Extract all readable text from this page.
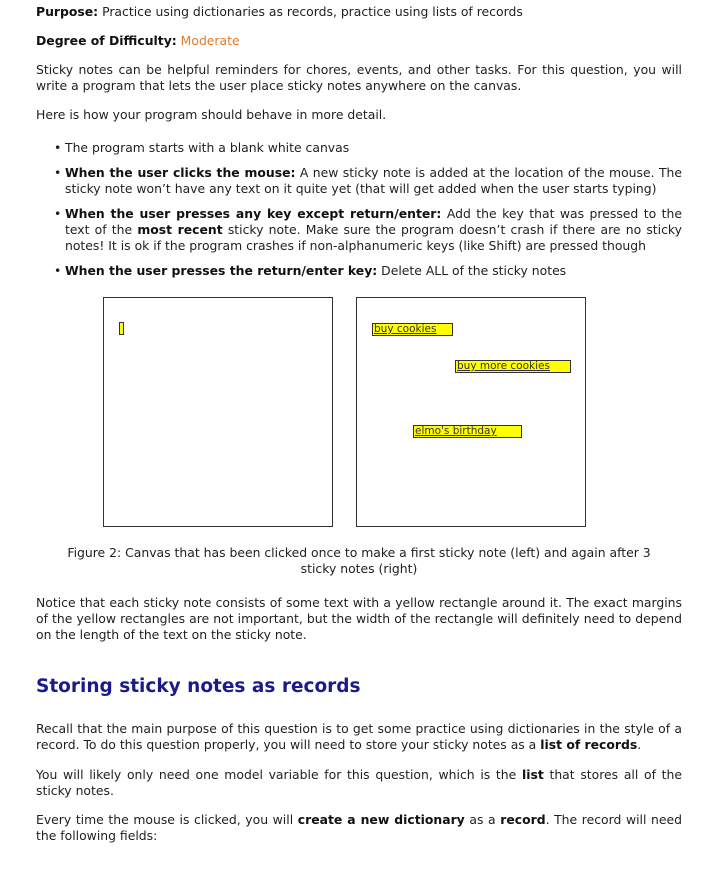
Purpose: Practice using dictionaries as records, practice using lists of records

Degree of Difficulty: Moderate

Sticky notes can be helpful reminders for chores, events, and other tasks. For this question, you will write a program that lets the user place sticky notes anywhere on the canvas.

Here is how your program should behave in more detail.

• The program starts with a blank white canvas
• When the user clicks the mouse: A new sticky note is added at the location of the mouse. The sticky note won’t have any text on it quite yet (that will get added when the user starts typing)
• When the user presses any key except return/enter: Add the key that was pressed to the text of the most recent sticky note. Make sure the program doesn’t crash if there are no sticky notes! It is ok if the program crashes if non-alphanumeric keys (like Shift) are pressed though
• When the user presses the return/enter key: Delete ALL of the sticky notes
buy cookies
buy more cookies
elmo's birthday
Figure 2: Canvas that has been clicked once to make a first sticky note (left) and again after 3
sticky notes (right)

Notice that each sticky note consists of some text with a yellow rectangle around it. The exact margins of the yellow rectangles are not important, but the width of the rectangle will definitely need to depend on the length of the text on the sticky note.

Storing sticky notes as records

Recall that the main purpose of this question is to get some practice using dictionaries in the style of a record. To do this question properly, you will need to store your sticky notes as a list of records.

You will likely only need one model variable for this question, which is the list that stores all of the sticky notes.

Every time the mouse is clicked, you will create a new dictionary as a record. The record will need the following fields:
